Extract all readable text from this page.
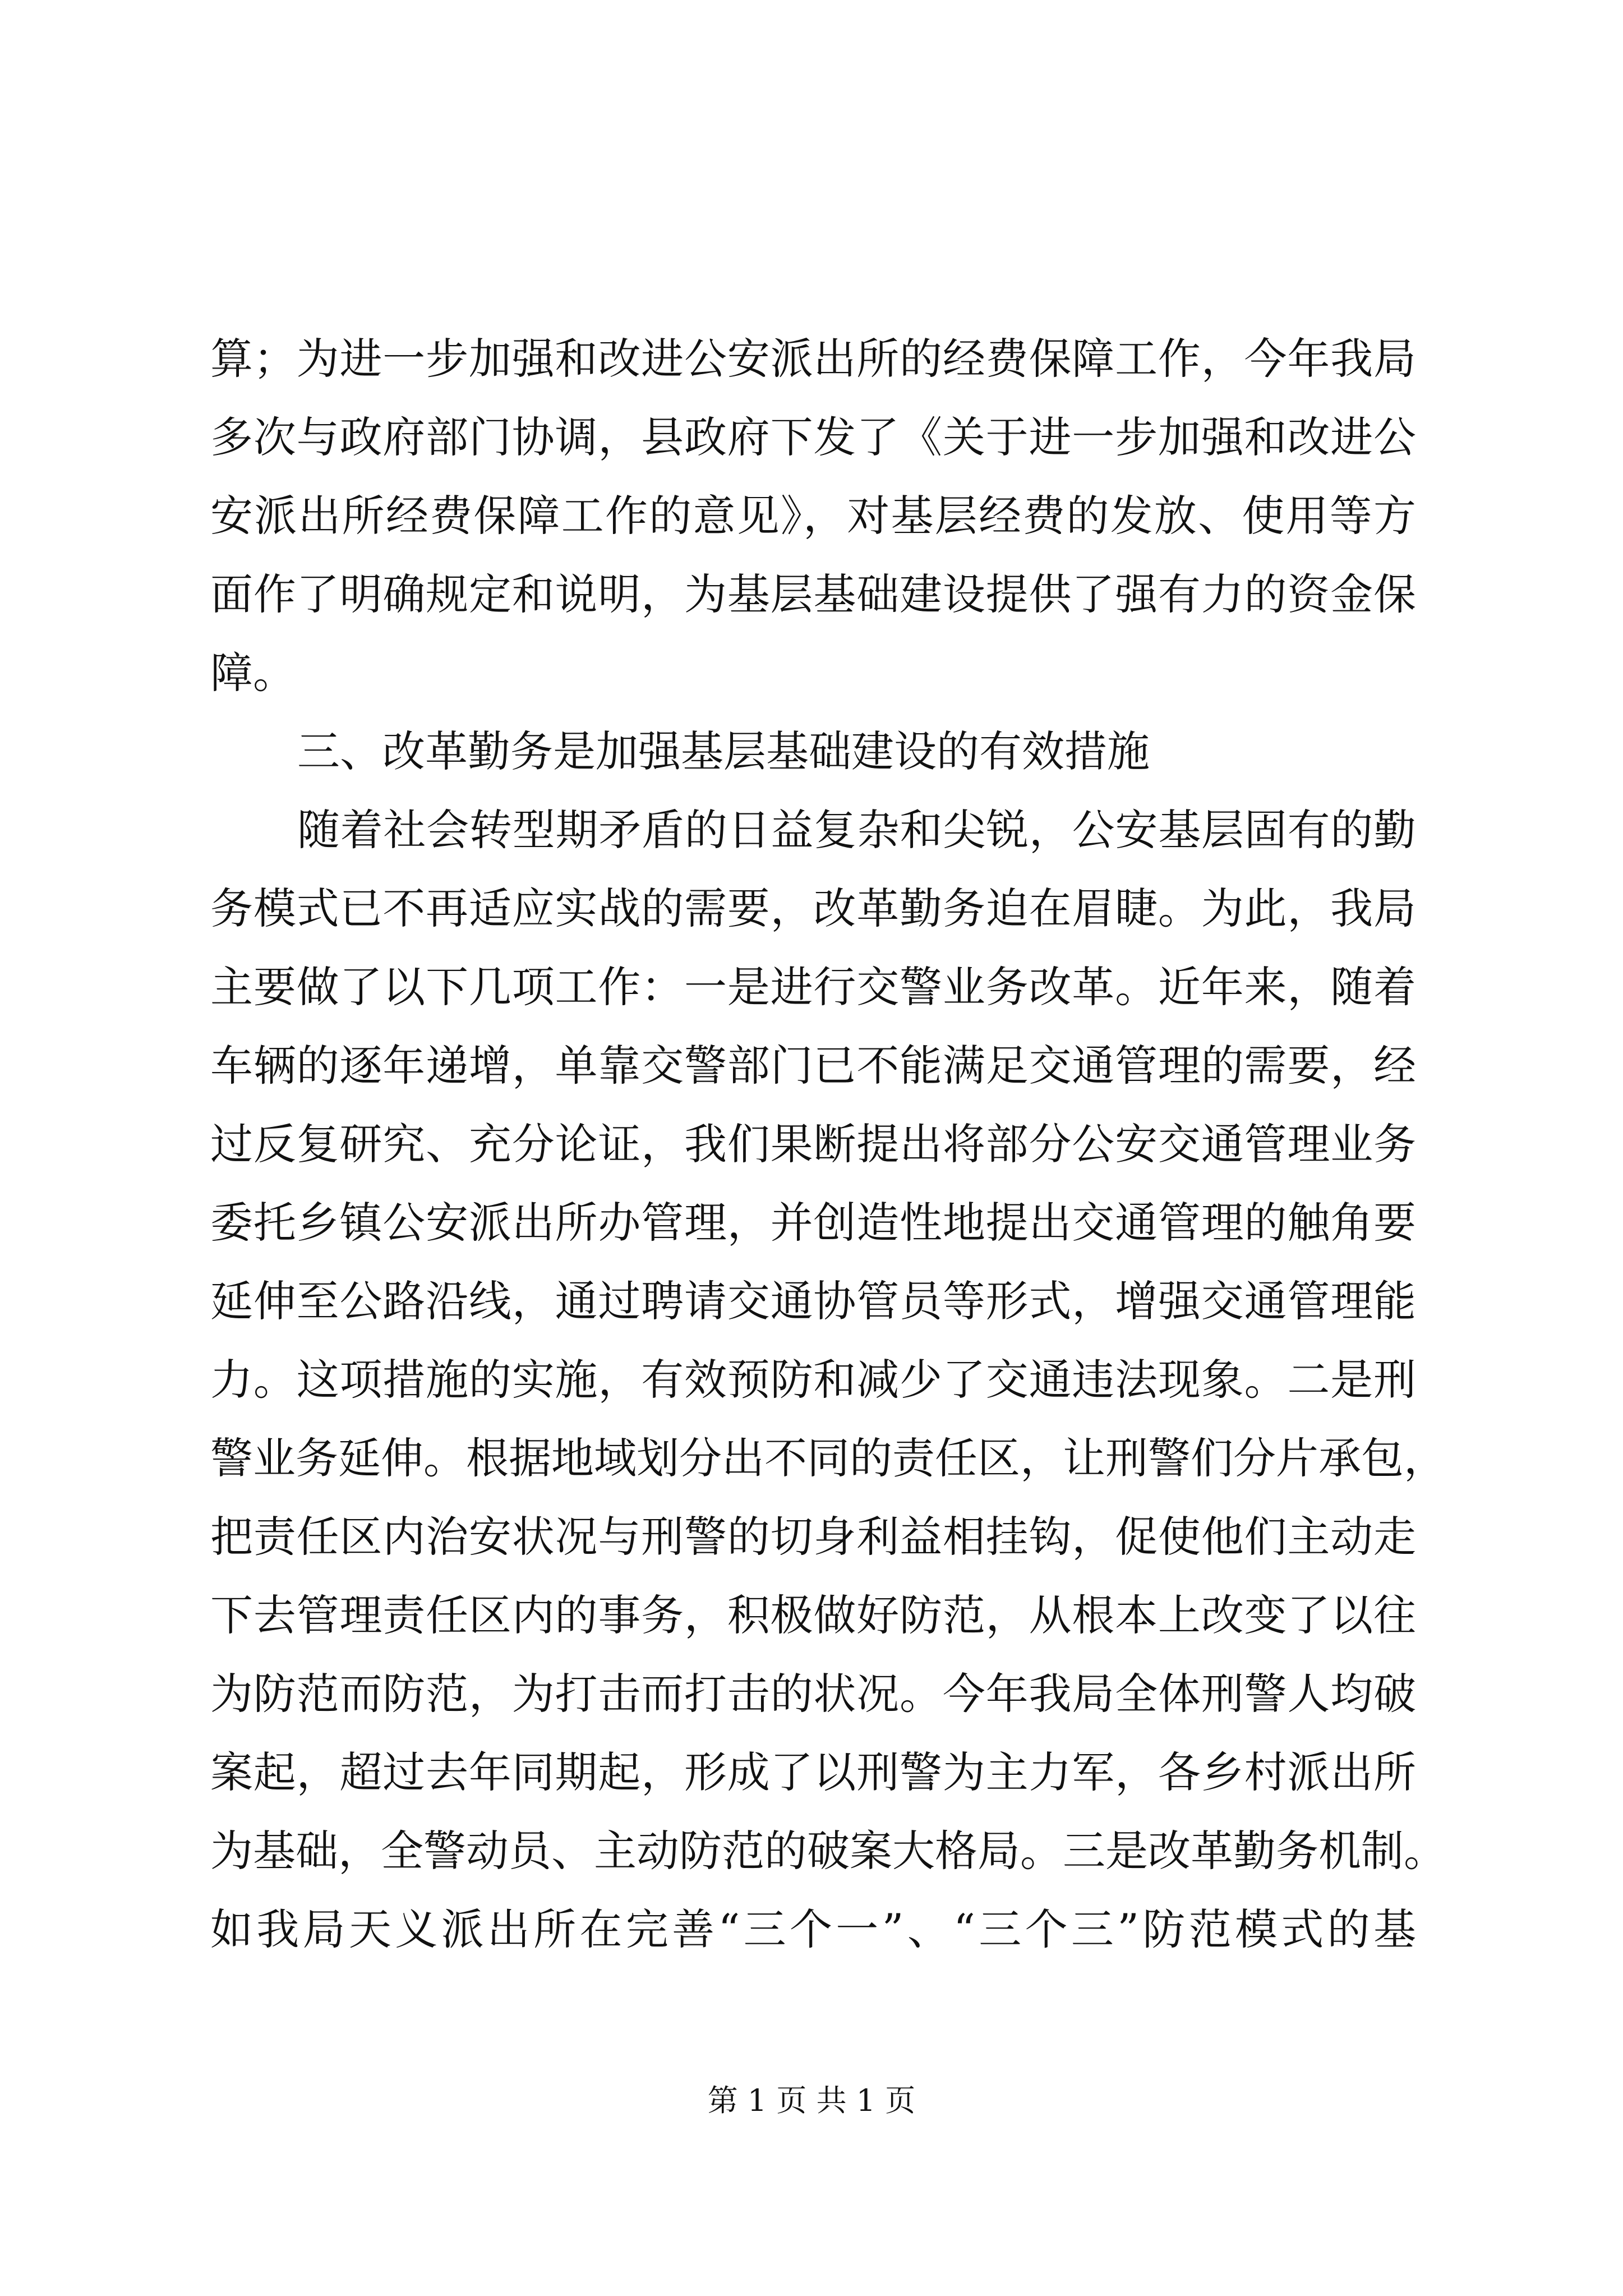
算；为进一步加强和改进公安派出所的经费保障工作，今年我局
多次与政府部门协调，县政府下发了《关于进一步加强和改进公
安派出所经费保障工作的意见》，对基层经费的发放、使用等方
面作了明确规定和说明，为基层基础建设提供了强有力的资金保
障。
三、改革勤务是加强基层基础建设的有效措施
随着社会转型期矛盾的日益复杂和尖锐，公安基层固有的勤
务模式已不再适应实战的需要，改革勤务迫在眉睫。为此，我局
主要做了以下几项工作：一是进行交警业务改革。近年来，随着
车辆的逐年递增，单靠交警部门已不能满足交通管理的需要，经
过反复研究、充分论证，我们果断提出将部分公安交通管理业务
委托乡镇公安派出所办管理，并创造性地提出交通管理的触角要
延伸至公路沿线，通过聘请交通协管员等形式，增强交通管理能
力。这项措施的实施，有效预防和减少了交通违法现象。二是刑
警业务延伸。根据地域划分出不同的责任区，让刑警们分片承包，
把责任区内治安状况与刑警的切身利益相挂钩，促使他们主动走
下去管理责任区内的事务，积极做好防范，从根本上改变了以往
为防范而防范，为打击而打击的状况。今年我局全体刑警人均破
案起，超过去年同期起，形成了以刑警为主力军，各乡村派出所
为基础，全警动员、主动防范的破案大格局。三是改革勤务机制。
如我局天义派出所在完善“三个一”、“三个三”防范模式的基
第 1 页 共 1 页
